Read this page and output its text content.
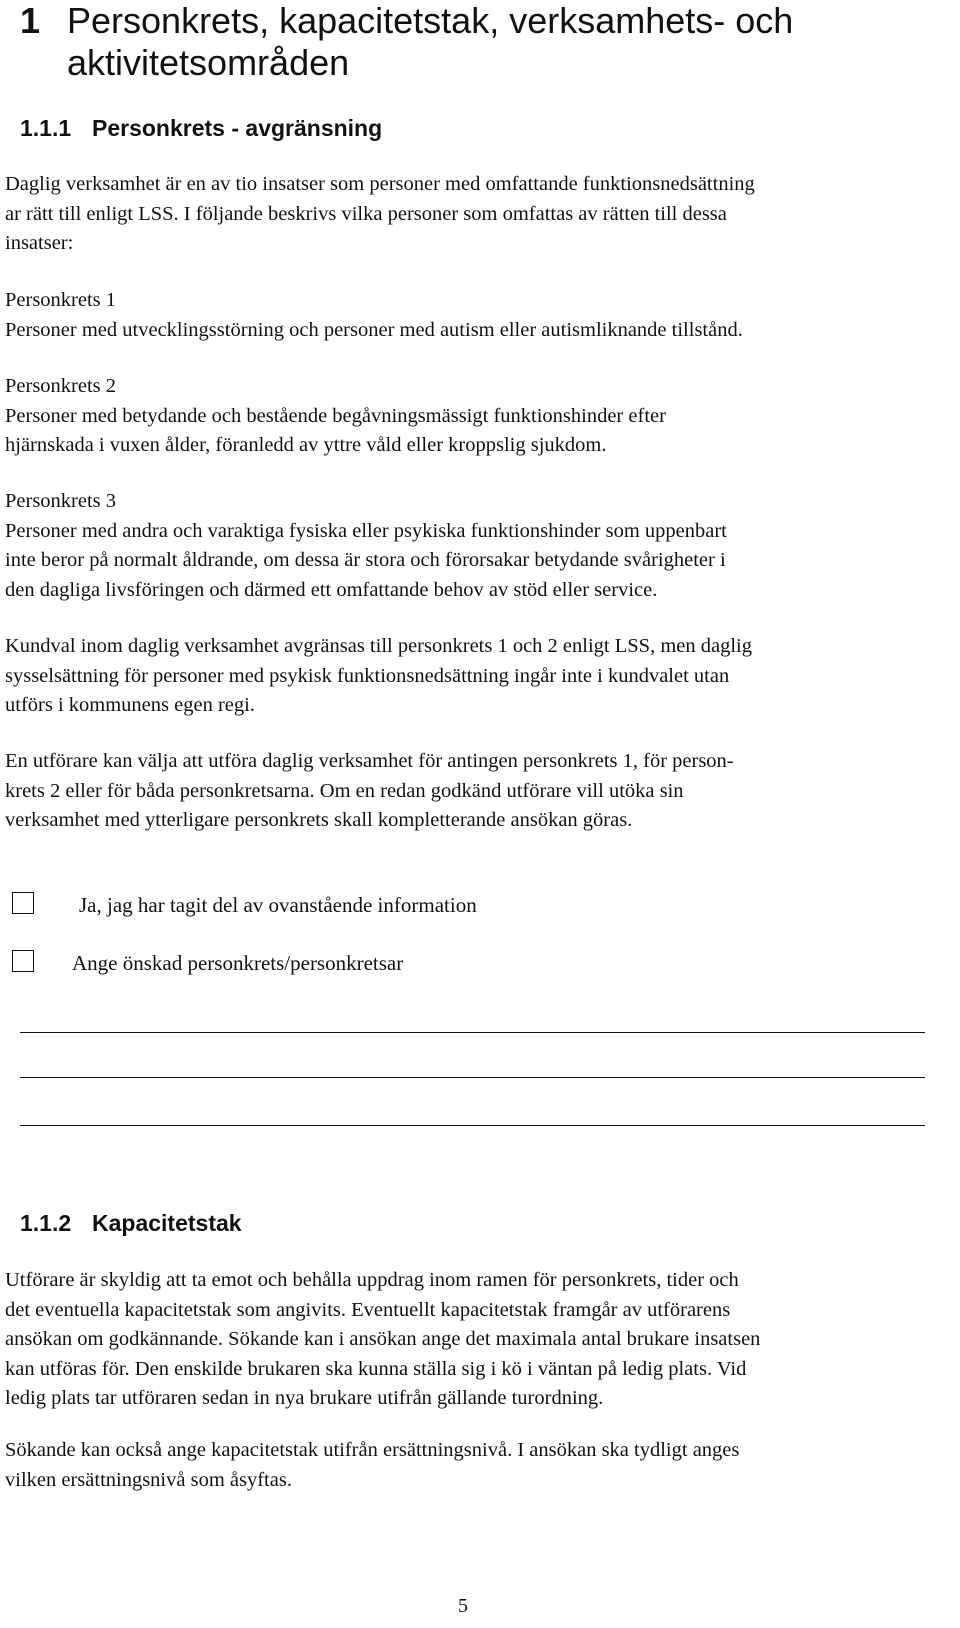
1 Personkrets, kapacitetstak, verksamhets- och
aktivitetsområden
1.1.1 Personkrets - avgränsning
Daglig verksamhet är en av tio insatser som personer med omfattande funktionsnedsättning
ar rätt till enligt LSS. I följande beskrivs vilka personer som omfattas av rätten till dessa
insatser:
Personkrets 1
Personer med utvecklingsstörning och personer med autism eller autismliknande tillstånd.
Personkrets 2
Personer med betydande och bestående begåvningsmässigt funktionshinder efter
hjärnskada i vuxen ålder, föranledd av yttre våld eller kroppslig sjukdom.
Personkrets 3
Personer med andra och varaktiga fysiska eller psykiska funktionshinder som uppenbart
inte beror på normalt åldrande, om dessa är stora och förorsakar betydande svårigheter i
den dagliga livsföringen och därmed ett omfattande behov av stöd eller service.
Kundval inom daglig verksamhet avgränsas till personkrets 1 och 2 enligt LSS, men daglig
sysselsättning för personer med psykisk funktionsnedsättning ingår inte i kundvalet utan
utförs i kommunens egen regi.
En utförare kan välja att utföra daglig verksamhet för antingen personkrets 1, för person-
krets 2 eller för båda personkretsarna. Om en redan godkänd utförare vill utöka sin
verksamhet med ytterligare personkrets skall kompletterande ansökan göras.
Ja, jag har tagit del av ovanstående information
Ange önskad personkrets/personkretsar
1.1.2 Kapacitetstak
Utförare är skyldig att ta emot och behålla uppdrag inom ramen för personkrets, tider och
det eventuella kapacitetstak som angivits. Eventuellt kapacitetstak framgår av utförarens
ansökan om godkännande. Sökande kan i ansökan ange det maximala antal brukare insatsen
kan utföras för. Den enskilde brukaren ska kunna ställa sig i kö i väntan på ledig plats. Vid
ledig plats tar utföraren sedan in nya brukare utifrån gällande turordning.
Sökande kan också ange kapacitetstak utifrån ersättningsnivå. I ansökan ska tydligt anges
vilken ersättningsnivå som åsyftas.
5
